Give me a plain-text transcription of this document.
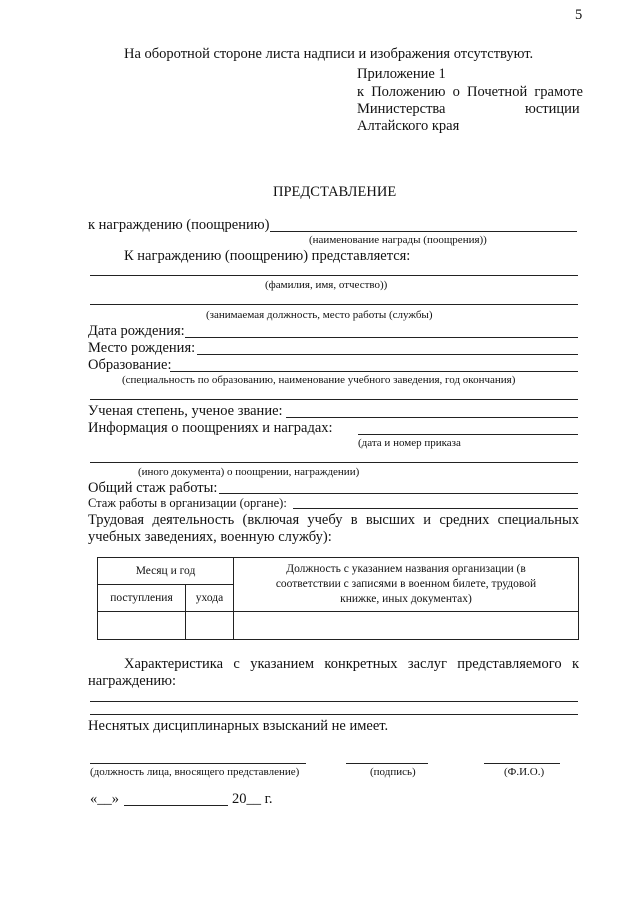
5
На оборотной стороне листа надписи и изображения отсутствуют.
Приложение 1
к Положению о Почетной грамоте
Министерства	юстиции
Алтайского края
ПРЕДСТАВЛЕНИЕ
к награждению (поощрению)
(наименование награды (поощрения))
К награждению (поощрению) представляется:
(фамилия, имя, отчество))
(занимаемая должность, место работы (службы)
Дата рождения:
Место рождения:
Образование:
(специальность по образованию, наименование учебного заведения, год окончания)
Ученая степень, ученое звание:
Информация о поощрениях и наградах:
(дата и номер приказа
(иного документа) о поощрении, награждении)
Общий стаж работы:
Стаж работы в организации (органе):
Трудовая деятельность (включая учебу в высших и средних специальных
учебных заведениях, военную службу):
Месяц и год		Должность с указанием названия организации (в
соответствии с записями в военном билете, трудовой
книжке, иных документах)

поступления	ухода	

Характеристика с указанием конкретных заслуг представляемого к
награждению:
Неснятых дисциплинарных взысканий не имеет.
(должность лица, вносящего представление)	(подпись)	(Ф.И.О.)
«__»	20__ г.
